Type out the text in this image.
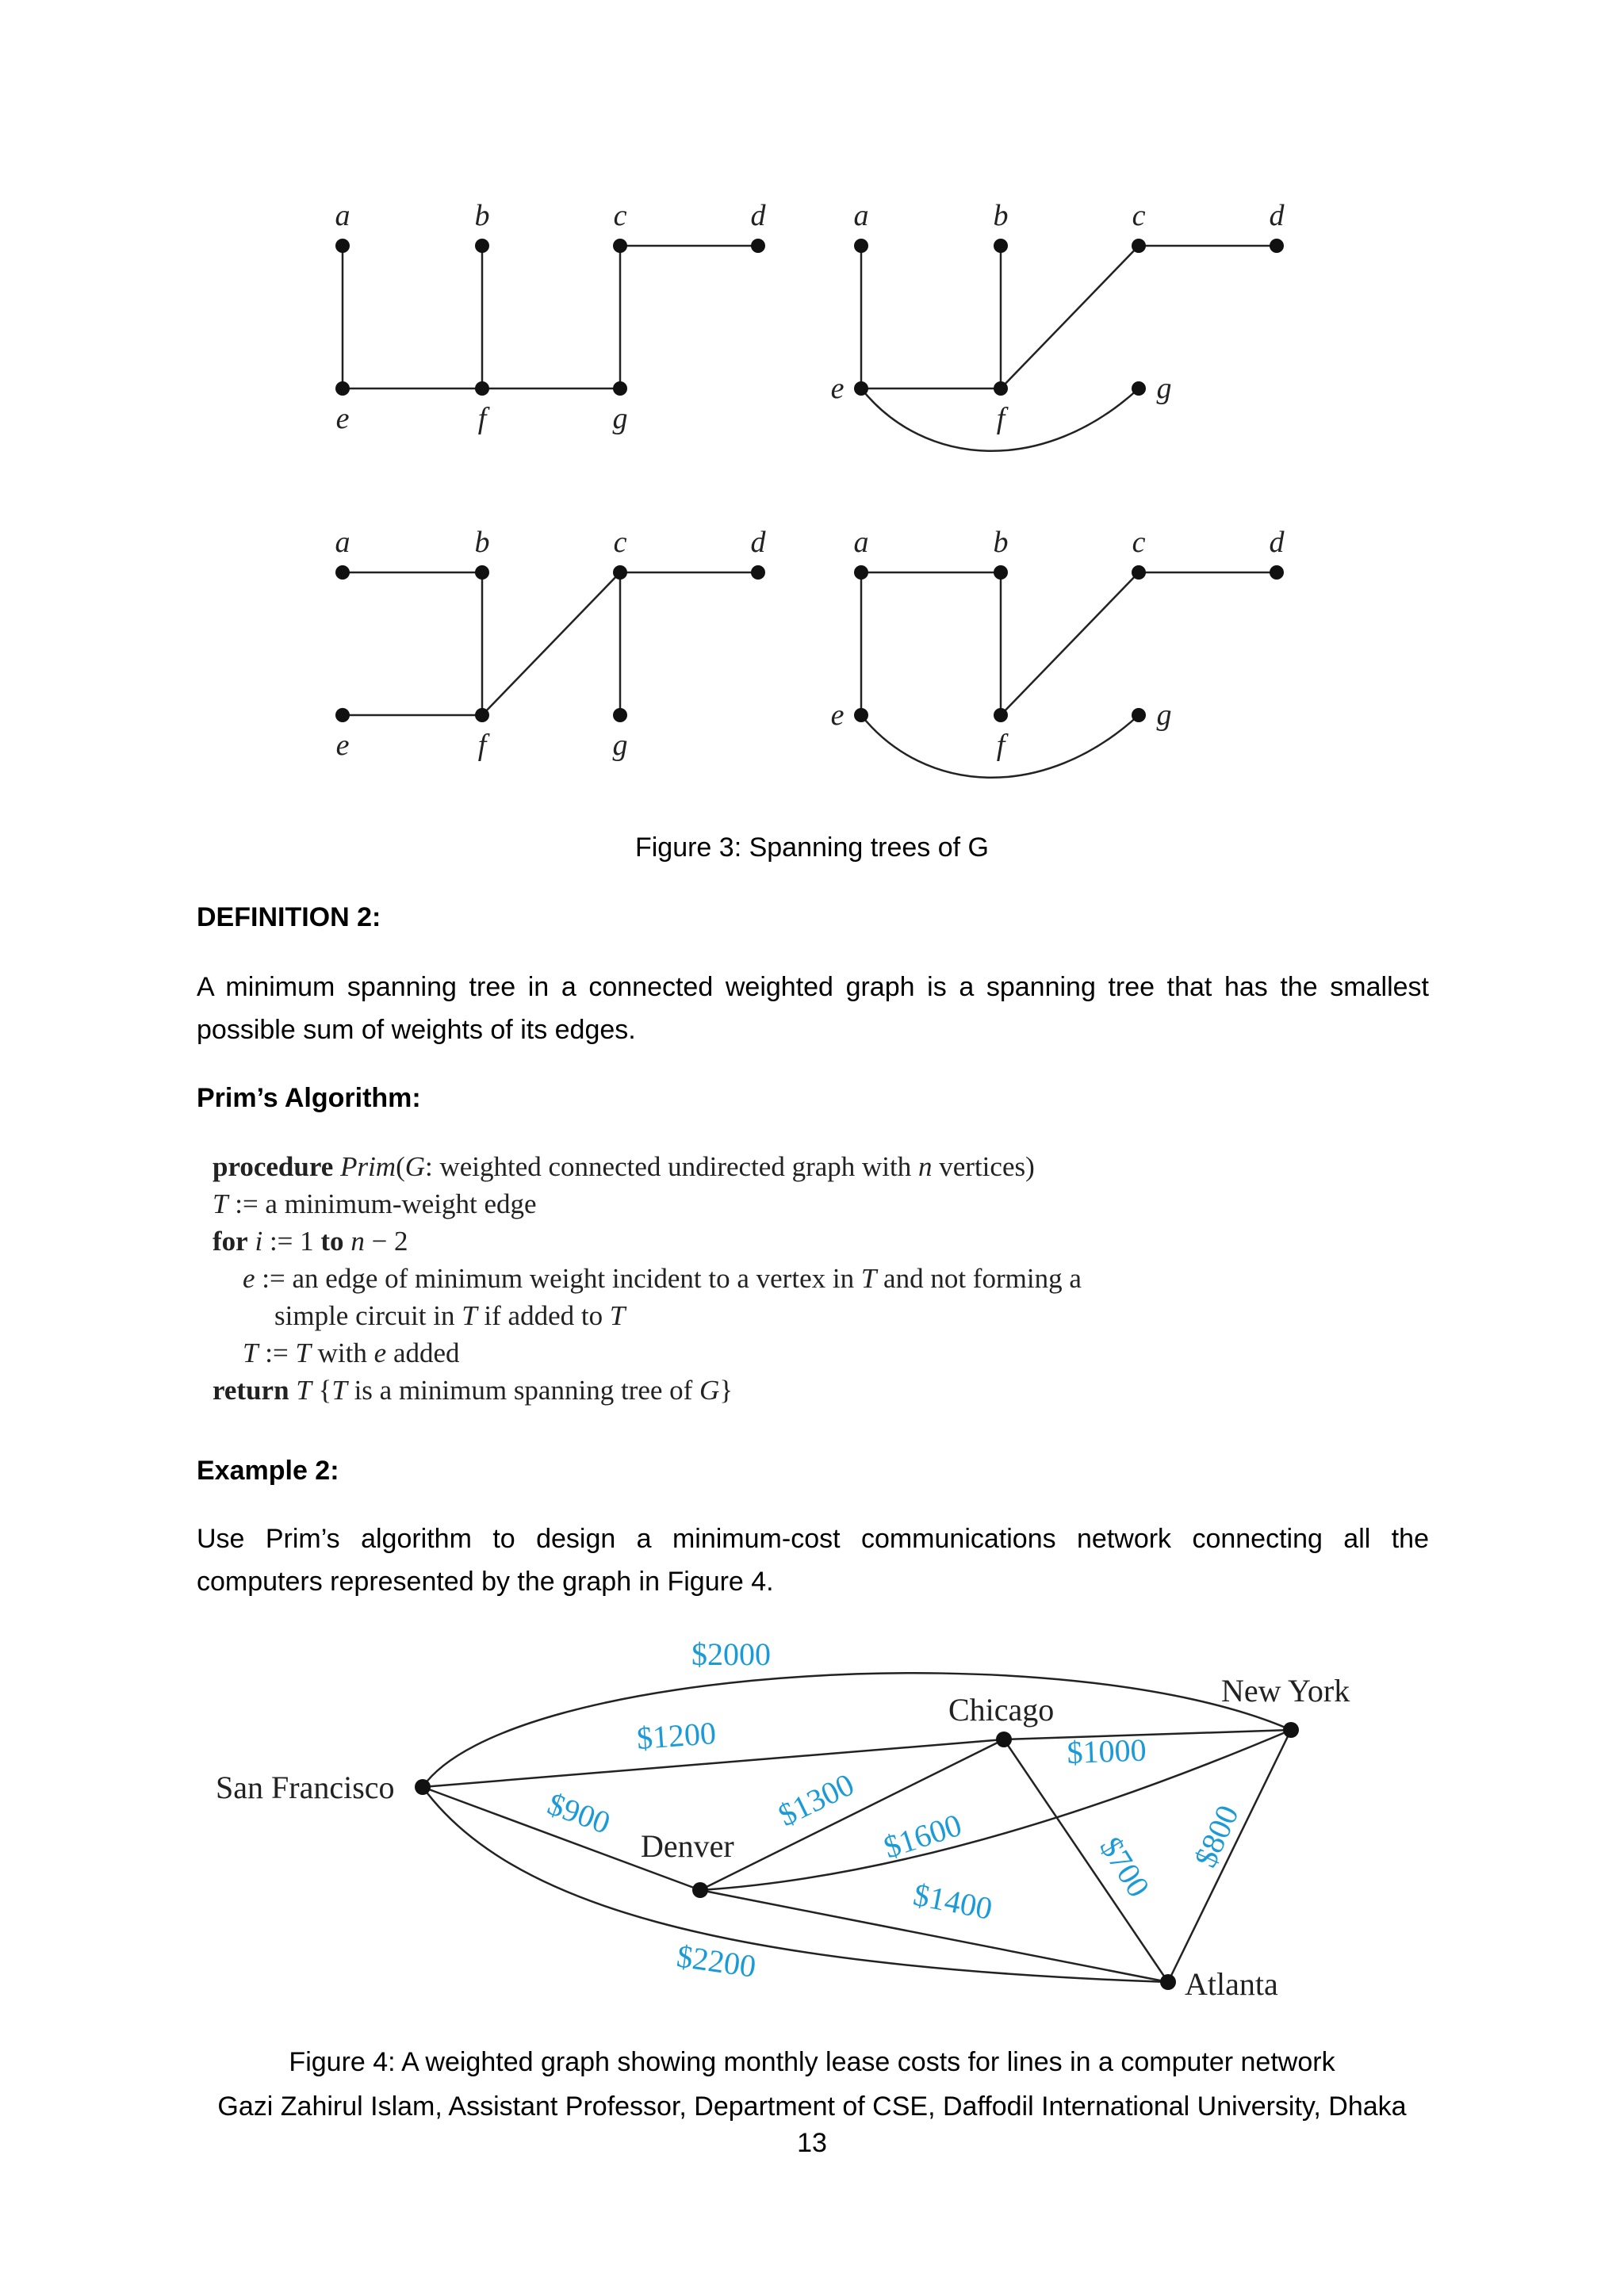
a	b	c	d
e	f	g
a	b	c	d
e
f
g
a	b	c	d
e	f	g
a	b	c	d
e
f
g
Figure 3: Spanning trees of G
DEFINITION 2:
A minimum spanning tree in a connected weighted graph is a spanning tree that has the smallest
possible sum of weights of its edges.
Prim’s Algorithm:
procedure Prim(G: weighted connected undirected graph with n vertices)
T := a minimum-weight edge
for i := 1 to n − 2
e := an edge of minimum weight incident to a vertex in T and not forming a
simple circuit in T if added to T
T := T with e added
return T {T is a minimum spanning tree of G}
Example 2:
Use Prim’s algorithm to design a minimum-cost communications network connecting all the
computers represented by the graph in Figure 4.
San Francisco
Chicago
New York
Denver
Atlanta
$2000
$1200
$900
$2200
$1300
$1600
$1400
$1000
$700 $800
Figure 4: A weighted graph showing monthly lease costs for lines in a computer network
Gazi Zahirul Islam, Assistant Professor, Department of CSE, Daffodil International University, Dhaka
13
